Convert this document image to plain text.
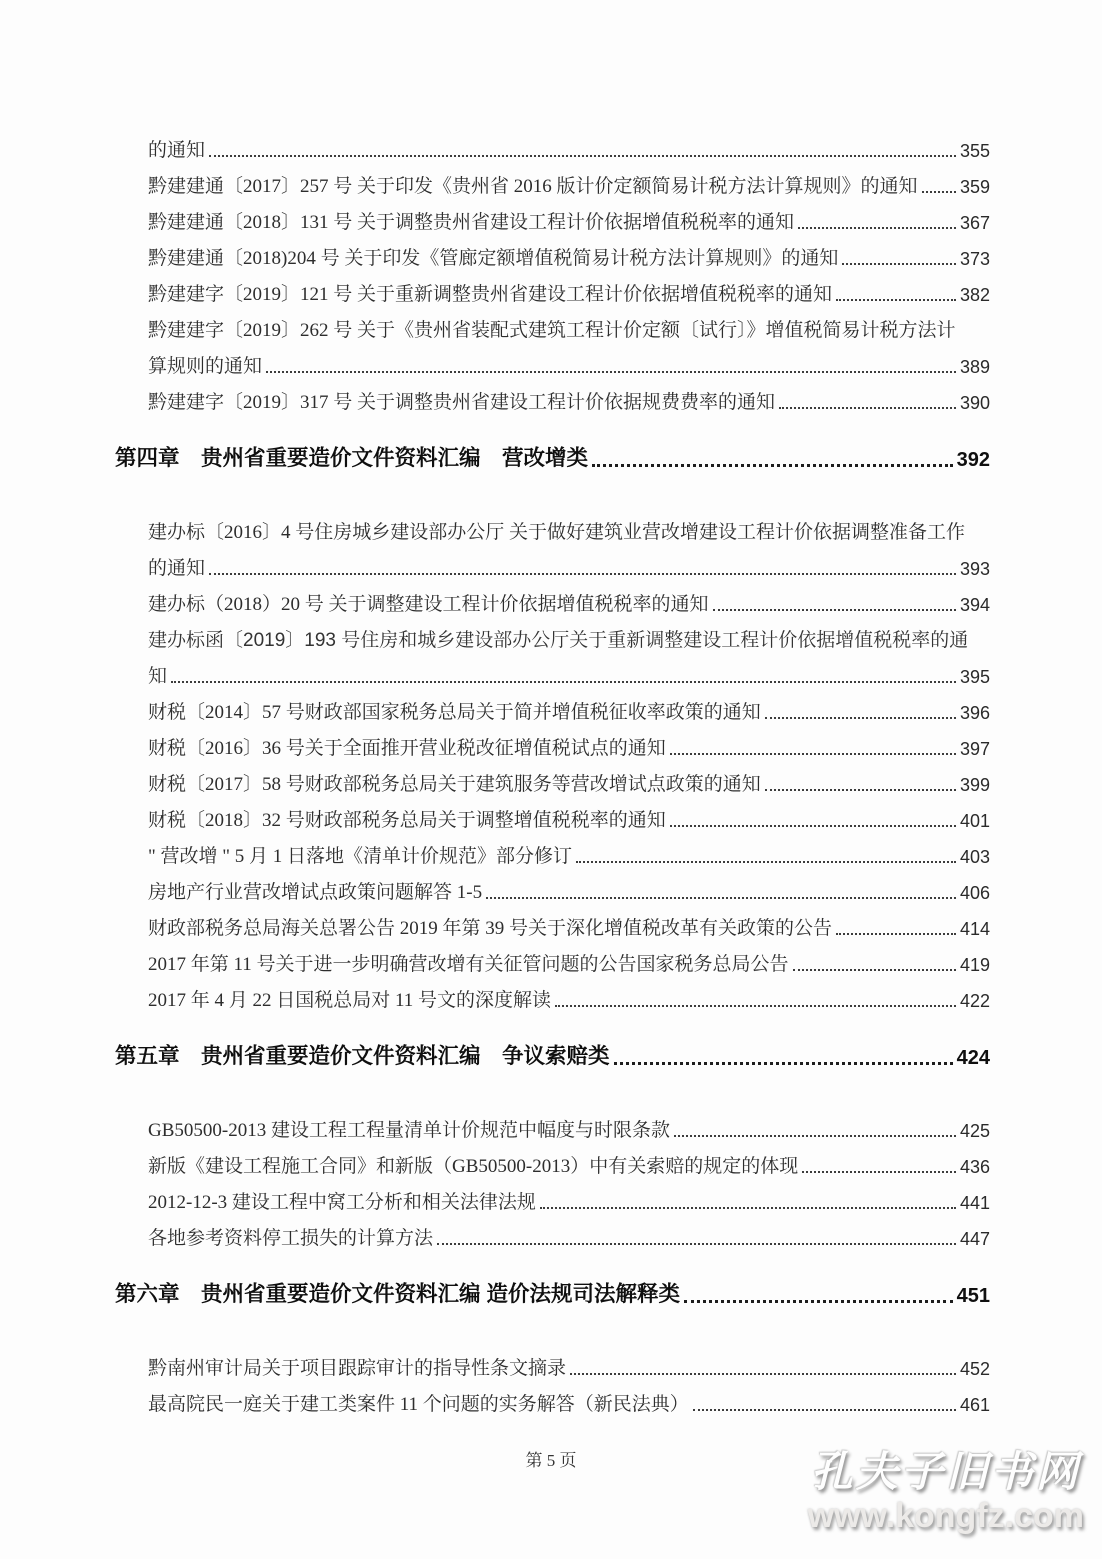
的通知	355
黔建建通〔2017〕257 号 关于印发《贵州省 2016 版计价定额简易计税方法计算规则》的通知 359
黔建建通〔2018〕131 号 关于调整贵州省建设工程计价依据增值税税率的通知	367
黔建建通〔2018)204 号 关于印发《管廊定额增值税简易计税方法计算规则》的通知	373
黔建建字〔2019〕121 号 关于重新调整贵州省建设工程计价依据增值税税率的通知	382
黔建建字〔2019〕262 号 关于《贵州省装配式建筑工程计价定额〔试行〕》增值税简易计税方法计
算规则的通知	389
黔建建字〔2019〕317 号 关于调整贵州省建设工程计价依据规费费率的通知	390
第四章　贵州省重要造价文件资料汇编　营改增类	392
建办标〔2016〕4 号住房城乡建设部办公厅 关于做好建筑业营改增建设工程计价依据调整准备工作
的通知	393
建办标（2018）20 号 关于调整建设工程计价依据增值税税率的通知	394
建办标函〔2019〕193 号住房和城乡建设部办公厅关于重新调整建设工程计价依据增值税税率的通
知	395
财税〔2014〕57 号财政部国家税务总局关于简并增值税征收率政策的通知	396
财税〔2016〕36 号关于全面推开营业税改征增值税试点的通知	397
财税〔2017〕58 号财政部税务总局关于建筑服务等营改增试点政策的通知	399
财税〔2018〕32 号财政部税务总局关于调整增值税税率的通知	401
" 营改增 " 5 月 1 日落地《清单计价规范》部分修订	403
房地产行业营改增试点政策问题解答 1-5	406
财政部税务总局海关总署公告 2019 年第 39 号关于深化增值税改革有关政策的公告	414
2017 年第 11 号关于进一步明确营改增有关征管问题的公告国家税务总局公告	419
2017 年 4 月 22 日国税总局对 11 号文的深度解读	422
第五章　贵州省重要造价文件资料汇编　争议索赔类	424
GB50500-2013 建设工程工程量清单计价规范中幅度与时限条款	425
新版《建设工程施工合同》和新版（GB50500-2013）中有关索赔的规定的体现	436
2012-12-3 建设工程中窝工分析和相关法律法规	441
各地参考资料停工损失的计算方法	447
第六章　贵州省重要造价文件资料汇编 造价法规司法解释类	451
黔南州审计局关于项目跟踪审计的指导性条文摘录	452
最高院民一庭关于建工类案件 11 个问题的实务解答（新民法典）	461
第 5 页	孔夫子旧书网
www.kongfz.com
